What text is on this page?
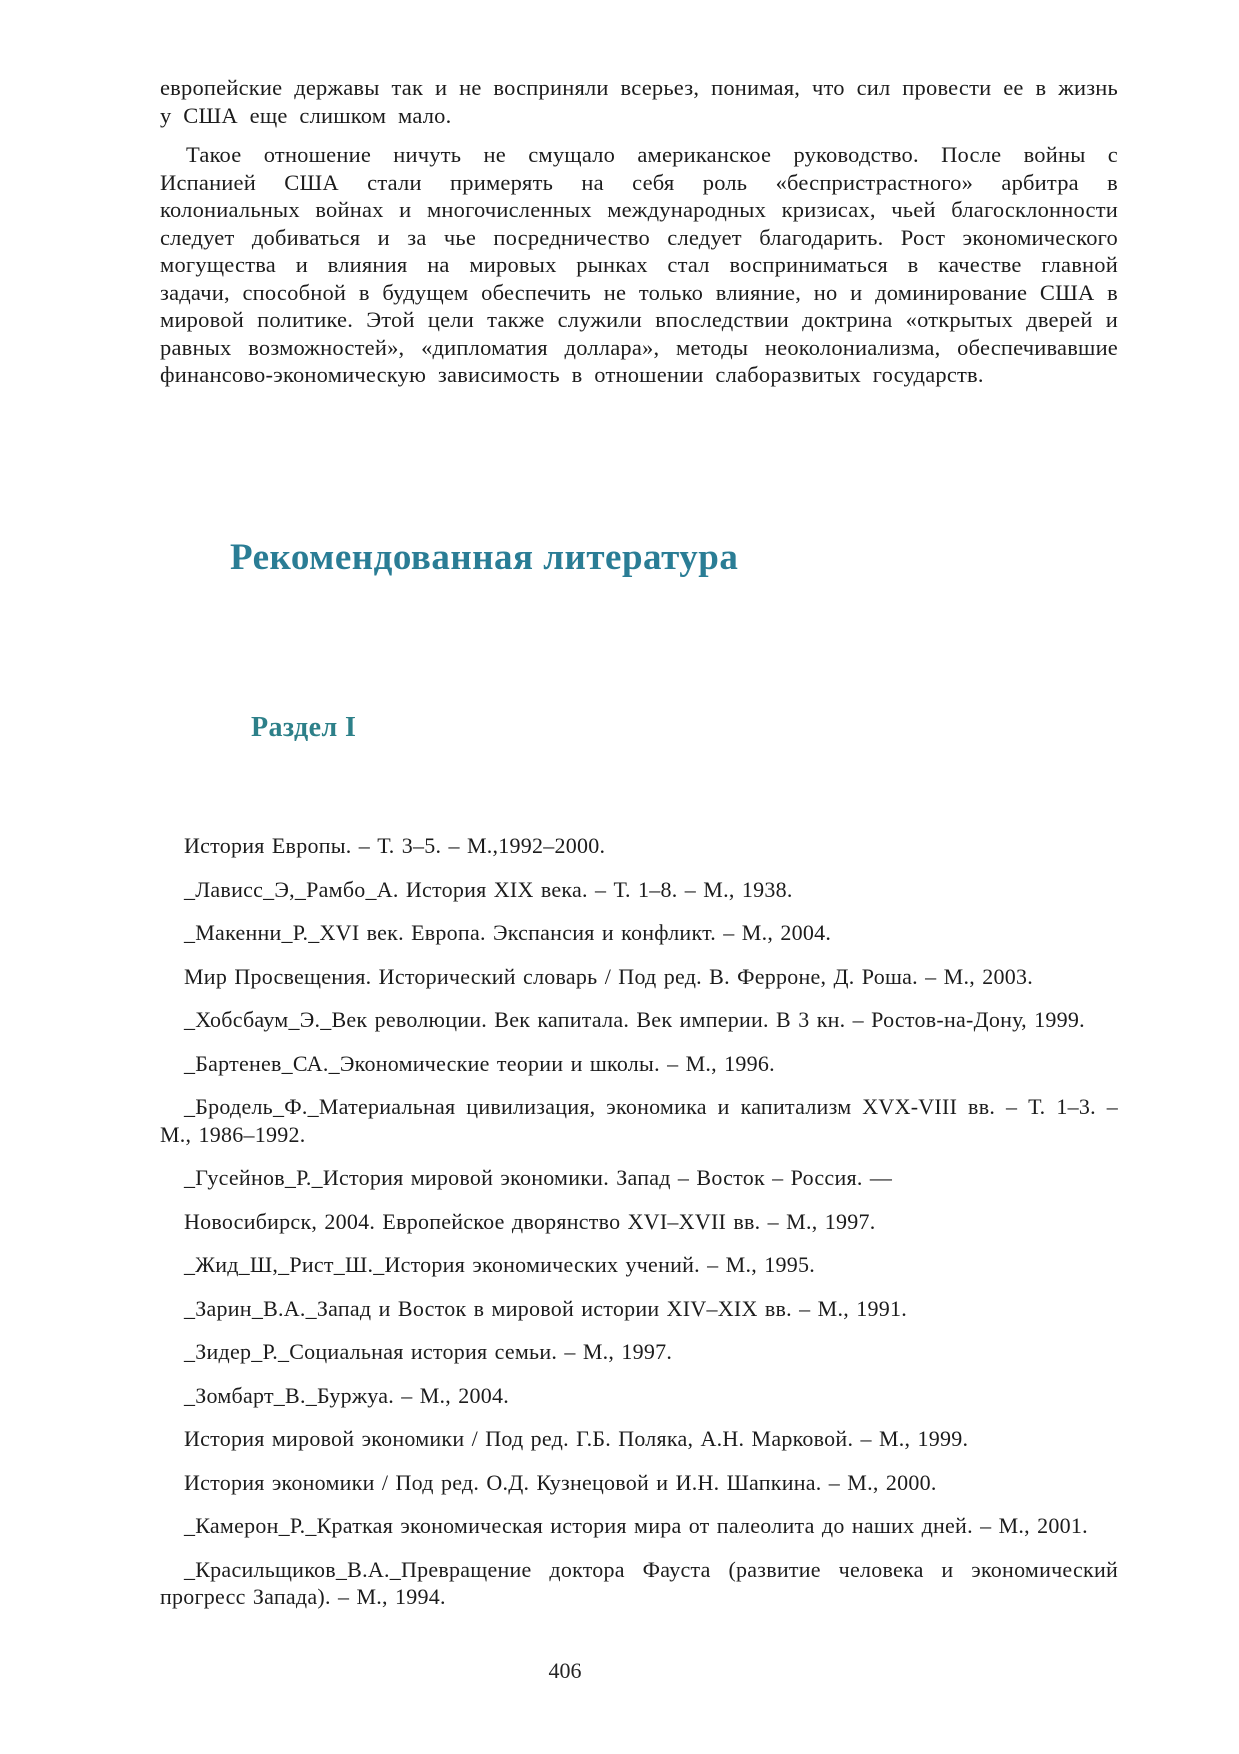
европейские державы так и не восприняли всерьез, понимая, что сил провести ее в жизнь у США еще слишком мало.

Такое отношение ничуть не смущало американское руководство. После войны с Испанией США стали примерять на себя роль «беспристрастного» арбитра в колониальных войнах и многочисленных международных кризисах, чьей благосклонности следует добиваться и за чье посредничество следует благодарить. Рост экономического могущества и влияния на мировых рынках стал восприниматься в качестве главной задачи, способной в будущем обеспечить не только влияние, но и доминирование США в мировой политике. Этой цели также служили впоследствии доктрина «открытых дверей и равных возможностей», «дипломатия доллара», методы неоколониализма, обеспечивавшие финансово-экономическую зависимость в отношении слаборазвитых государств.

Рекомендованная литература
Раздел I

История Европы. – Т. 3–5. – М.,1992–2000.

_Лависс_Э,_Рамбо_А. История XIX века. – Т. 1–8. – М., 1938.

_Макенни_Р._XVI век. Европа. Экспансия и конфликт. – М., 2004.

Мир Просвещения. Исторический словарь / Под ред. В. Ферроне, Д. Роша. – М., 2003.

_Хобсбаум_Э._Век революции. Век капитала. Век империи. В 3 кн. – Ростов-на-Дону, 1999.

_Бартенев_СА._Экономические теории и школы. – М., 1996.

_Бродель_Ф._Материальная цивилизация, экономика и капитализм XVX-VIII вв. – Т. 1–3. – М., 1986–1992.

_Гусейнов_Р._История мировой экономики. Запад – Восток – Россия. —

Новосибирск, 2004. Европейское дворянство XVI–XVII вв. – М., 1997.

_Жид_Ш,_Рист_Ш._История экономических учений. – М., 1995.

_Зарин_В.А._Запад и Восток в мировой истории XIV–XIX вв. – М., 1991.

_Зидер_Р._Социальная история семьи. – М., 1997.

_Зомбарт_В._Буржуа. – М., 2004.

История мировой экономики / Под ред. Г.Б. Поляка, А.Н. Марковой. – М., 1999.

История экономики / Под ред. О.Д. Кузнецовой и И.Н. Шапкина. – М., 2000.

_Камерон_Р._Краткая экономическая история мира от палеолита до наших дней. – М., 2001.

_Красильщиков_В.А._Превращение доктора Фауста (развитие человека и экономический прогресс Запада). – М., 1994.

406
